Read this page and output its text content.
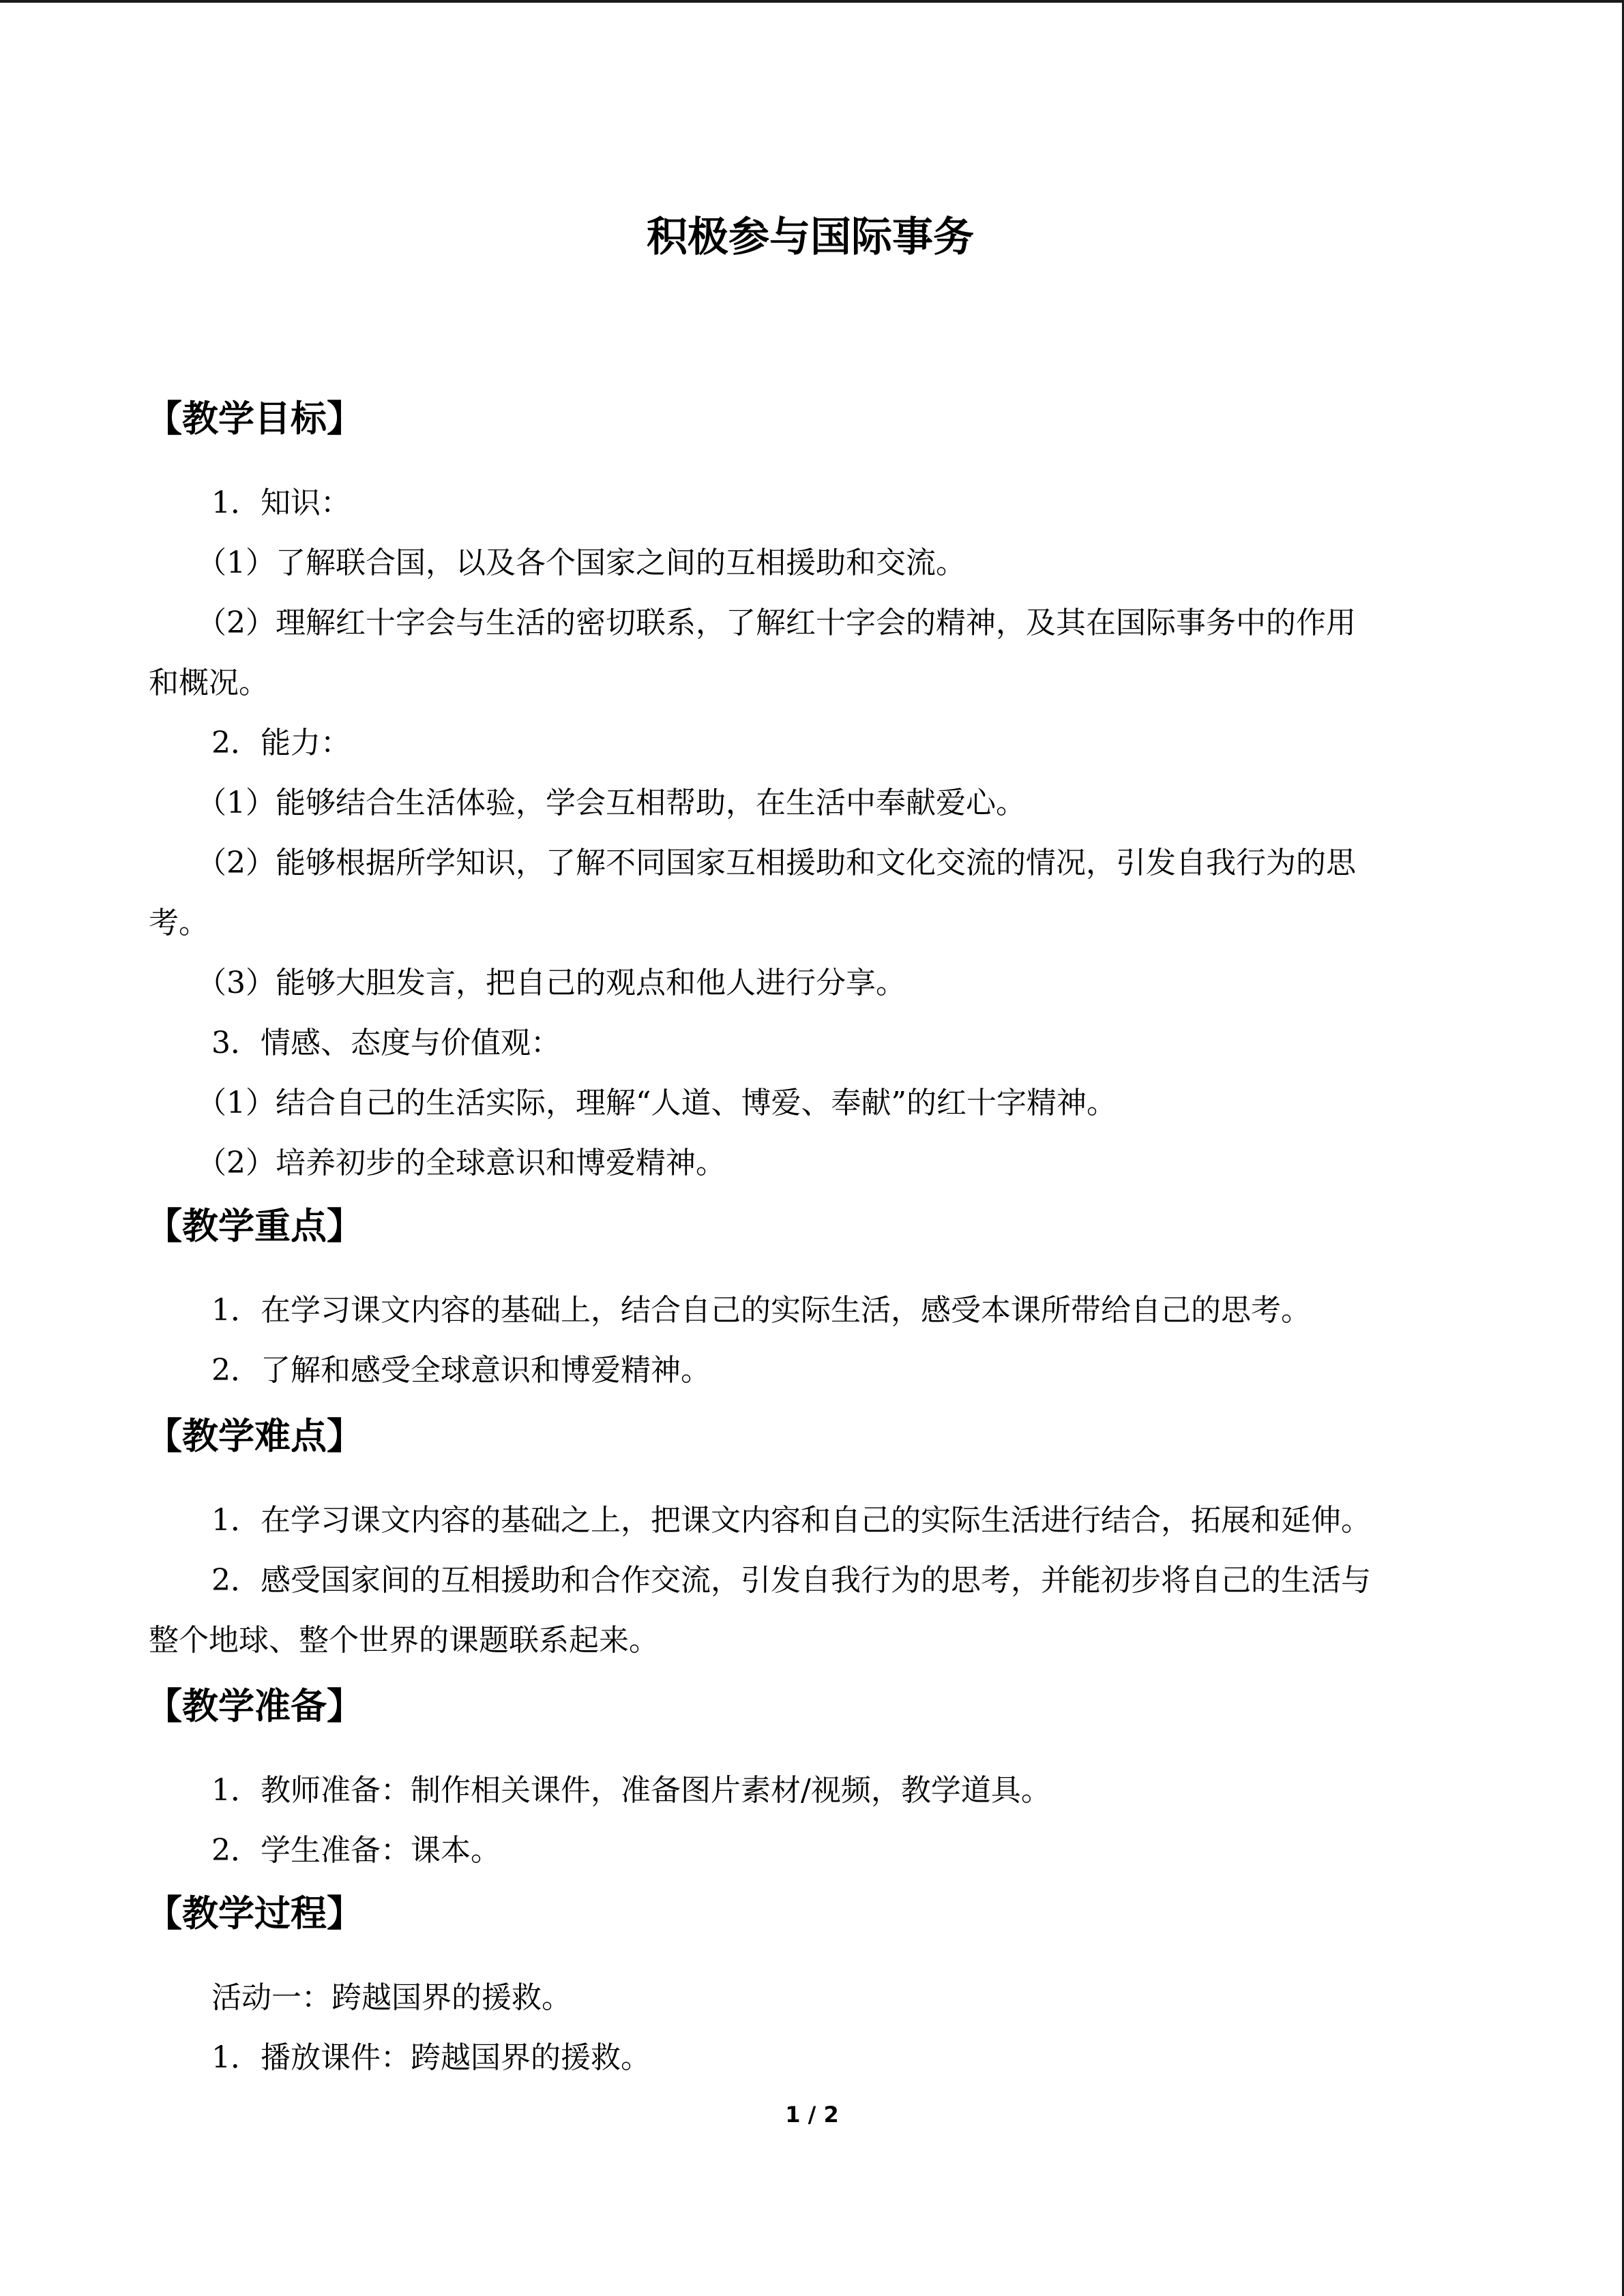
积极参与国际事务
【教学目标】
1．知识：
（1）了解联合国，以及各个国家之间的互相援助和交流。
（2）理解红十字会与生活的密切联系，了解红十字会的精神，及其在国际事务中的作用
和概况。
2．能力：
（1）能够结合生活体验，学会互相帮助，在生活中奉献爱心。
（2）能够根据所学知识，了解不同国家互相援助和文化交流的情况，引发自我行为的思
考。
（3）能够大胆发言，把自己的观点和他人进行分享。
3．情感、态度与价值观：
（1）结合自己的生活实际，理解“人道、博爱、奉献”的红十字精神。
（2）培养初步的全球意识和博爱精神。
【教学重点】
1．在学习课文内容的基础上，结合自己的实际生活，感受本课所带给自己的思考。
2．了解和感受全球意识和博爱精神。
【教学难点】
1．在学习课文内容的基础之上，把课文内容和自己的实际生活进行结合，拓展和延伸。
2．感受国家间的互相援助和合作交流，引发自我行为的思考，并能初步将自己的生活与
整个地球、整个世界的课题联系起来。
【教学准备】
1．教师准备：制作相关课件，准备图片素材/视频，教学道具。
2．学生准备：课本。
【教学过程】
活动一：跨越国界的援救。
1．播放课件：跨越国界的援救。
1 / 2
